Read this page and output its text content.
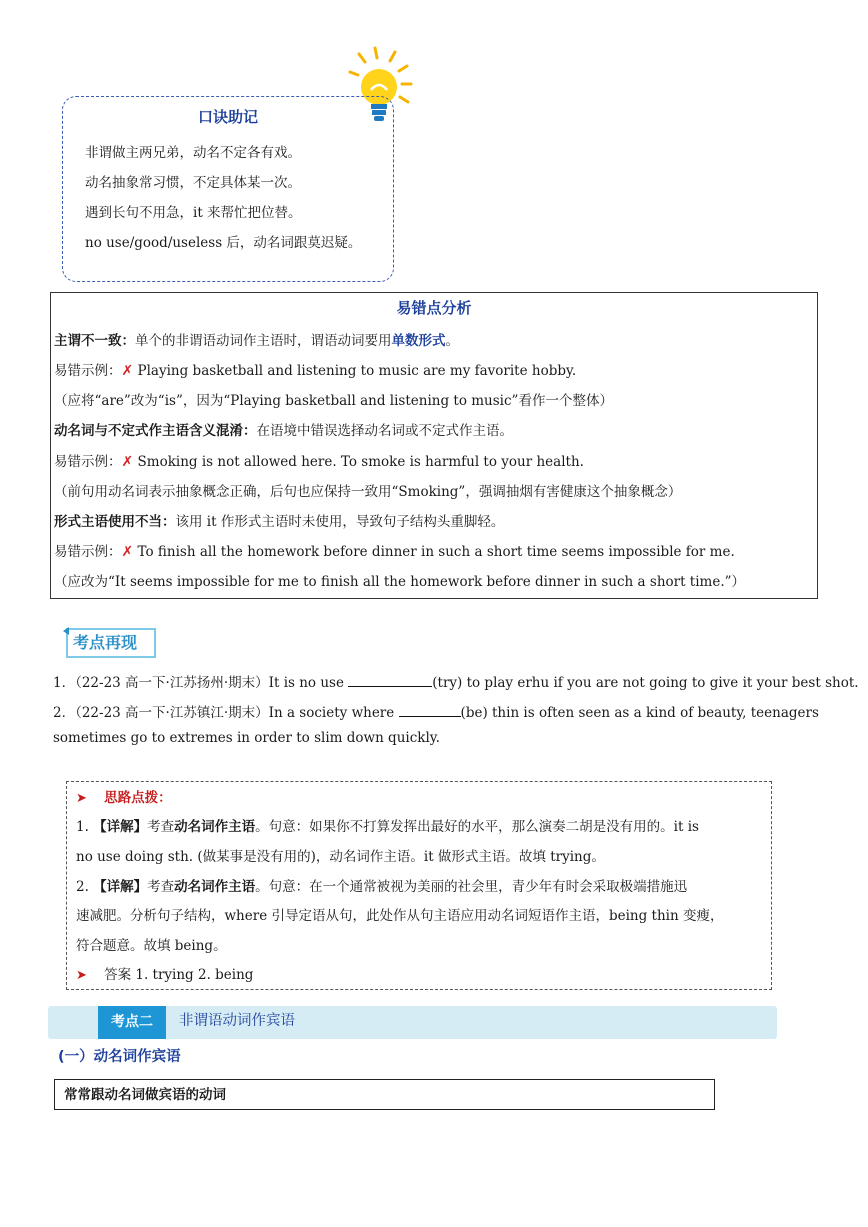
口诀助记
非谓做主两兄弟，动名不定各有戏。
动名抽象常习惯，不定具体某一次。
遇到长句不用急，it 来帮忙把位替。
no use/good/useless 后，动名词跟莫迟疑。
易错点分析
主谓不一致：单个的非谓语动词作主语时，谓语动词要用单数形式。
易错示例：✗ Playing basketball and listening to music are my favorite hobby.
（应将“are”改为“is”，因为“Playing basketball and listening to music”看作一个整体）
动名词与不定式作主语含义混淆：在语境中错误选择动名词或不定式作主语。
易错示例：✗ Smoking is not allowed here. To smoke is harmful to your health.
（前句用动名词表示抽象概念正确，后句也应保持一致用“Smoking”，强调抽烟有害健康这个抽象概念）
形式主语使用不当：该用 it 作形式主语时未使用，导致句子结构头重脚轻。
易错示例：✗ To finish all the homework before dinner in such a short time seems impossible for me.
（应改为“It seems impossible for me to finish all the homework before dinner in such a short time.”）
考点再现
1．（22-23 高一下·江苏扬州·期末）It is no use	(try) to play erhu if you are not going to give it your best shot.
2．（22-23 高一下·江苏镇江·期末）In a society where	(be) thin is often seen as a kind of beauty, teenagers
sometimes go to extremes in order to slim down quickly.
➤ 思路点拨：
1. 【详解】考查动名词作主语。句意：如果你不打算发挥出最好的水平，那么演奏二胡是没有用的。it is
no use doing sth. (做某事是没有用的)，动名词作主语。it 做形式主语。故填 trying。
2. 【详解】考查动名词作主语。句意：在一个通常被视为美丽的社会里，青少年有时会采取极端措施迅
速减肥。分析句子结构，where 引导定语从句，此处作从句主语应用动名词短语作主语，being thin 变瘦，
符合题意。故填 being。
➤ 答案 1. trying 2. being
考点二	非谓语动词作宾语
(一）动名词作宾语
常常跟动名词做宾语的动词
